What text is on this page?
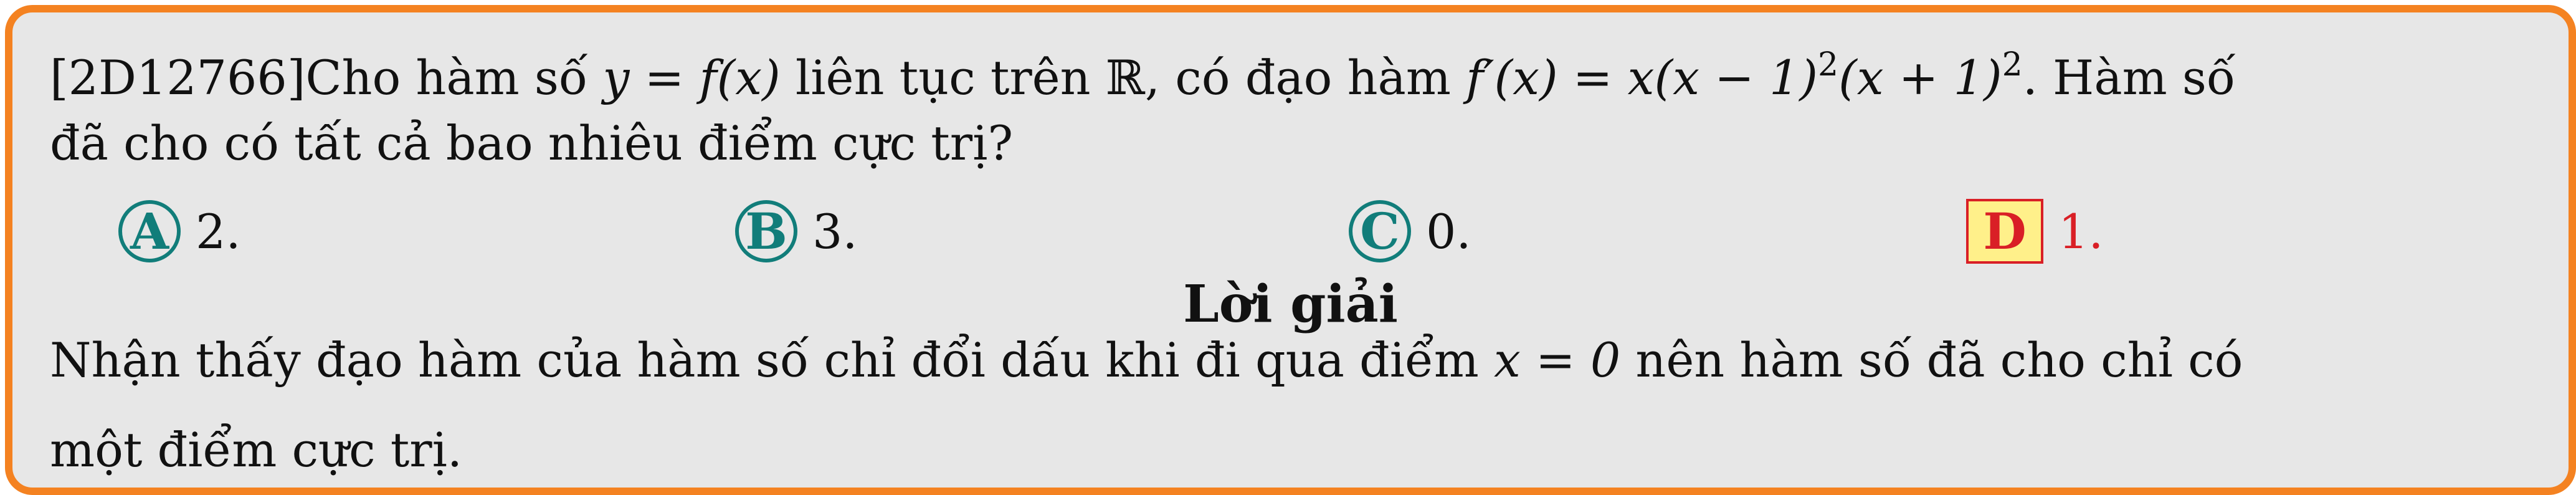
[2D12766]Cho hàm số y = f(x) liên tục trên ℝ, có đạo hàm $f'(x) = x(x - 1)^2(x + 1)^2$. Hàm số
đã cho có tất cả bao nhiêu điểm cực trị?
A 2.	B 3.	C 0.	D 1.
Lời giải
Nhận thấy đạo hàm của hàm số chỉ đổi dấu khi đi qua điểm x = 0 nên hàm số đã cho chỉ có
một điểm cực trị.
